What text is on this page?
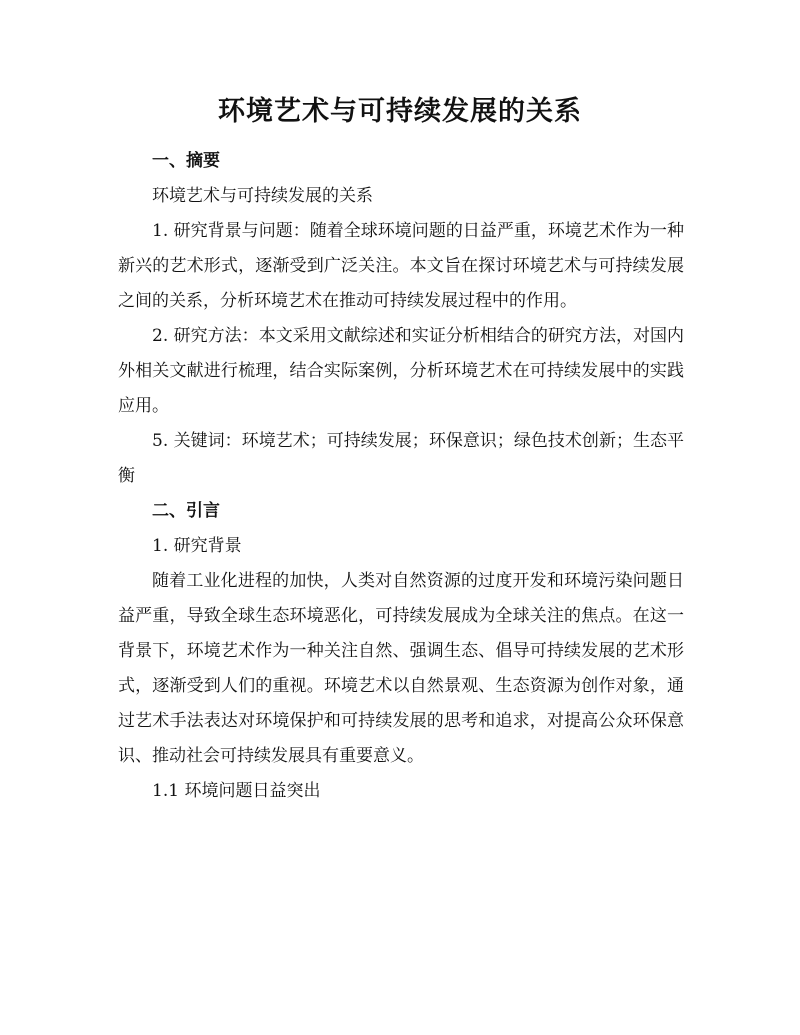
环境艺术与可持续发展的关系

一、摘要

环境艺术与可持续发展的关系

1. 研究背景与问题：随着全球环境问题的日益严重，环境艺术作为一种新兴的艺术形式，逐渐受到广泛关注。本文旨在探讨环境艺术与可持续发展之间的关系，分析环境艺术在推动可持续发展过程中的作用。

2. 研究方法：本文采用文献综述和实证分析相结合的研究方法，对国内外相关文献进行梳理，结合实际案例，分析环境艺术在可持续发展中的实践应用。

5. 关键词：环境艺术；可持续发展；环保意识；绿色技术创新；生态平衡

二、引言

1. 研究背景

随着工业化进程的加快，人类对自然资源的过度开发和环境污染问题日益严重，导致全球生态环境恶化，可持续发展成为全球关注的焦点。在这一背景下，环境艺术作为一种关注自然、强调生态、倡导可持续发展的艺术形式，逐渐受到人们的重视。环境艺术以自然景观、生态资源为创作对象，通过艺术手法表达对环境保护和可持续发展的思考和追求，对提高公众环保意识、推动社会可持续发展具有重要意义。

1.1 环境问题日益突出
